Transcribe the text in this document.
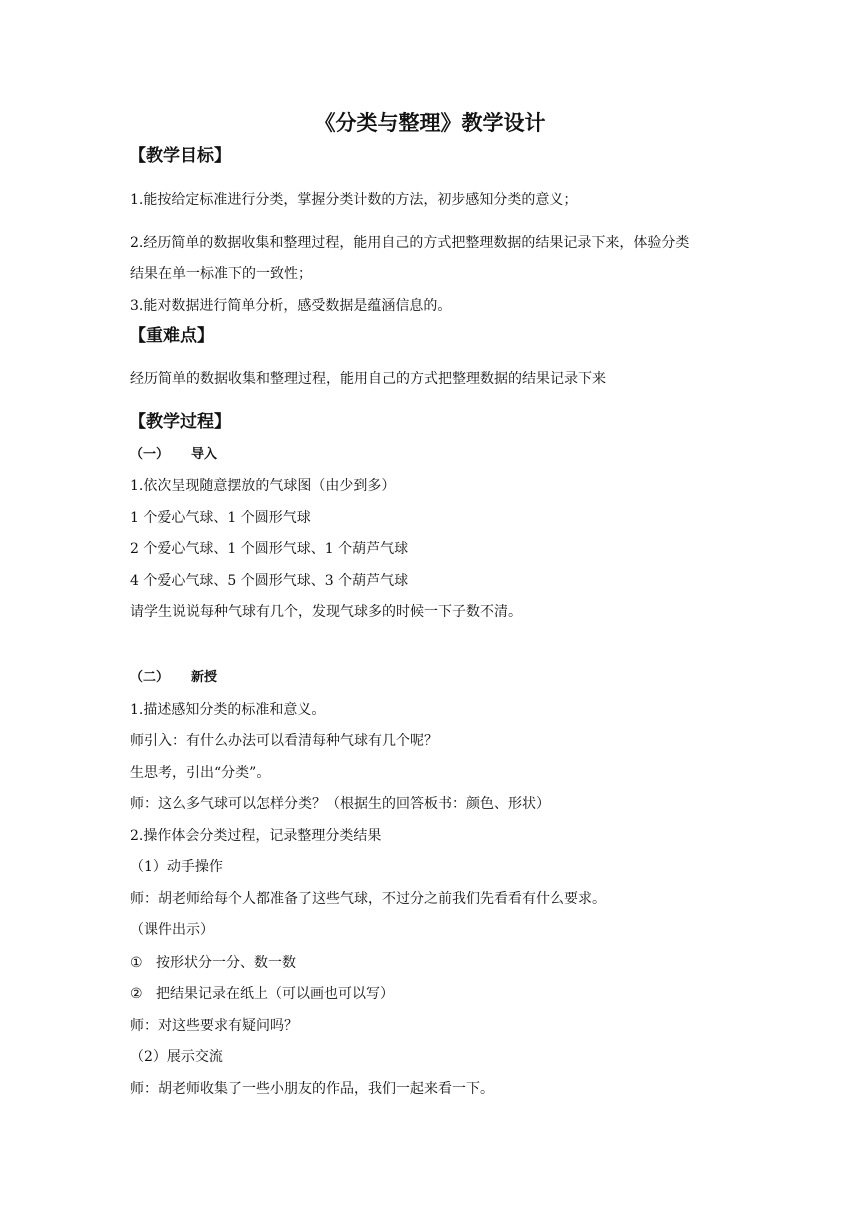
《分类与整理》教学设计
【教学目标】
1.能按给定标准进行分类，掌握分类计数的方法，初步感知分类的意义；
2.经历简单的数据收集和整理过程，能用自己的方式把整理数据的结果记录下来，体验分类
结果在单一标准下的一致性；
3.能对数据进行简单分析，感受数据是蕴涵信息的。
【重难点】
经历简单的数据收集和整理过程，能用自己的方式把整理数据的结果记录下来
【教学过程】
（一） 导入
1.依次呈现随意摆放的气球图（由少到多）
1 个爱心气球、1 个圆形气球
2 个爱心气球、1 个圆形气球、1 个葫芦气球
4 个爱心气球、5 个圆形气球、3 个葫芦气球
请学生说说每种气球有几个，发现气球多的时候一下子数不清。
（二） 新授
1.描述感知分类的标准和意义。
师引入：有什么办法可以看清每种气球有几个呢？
生思考，引出“分类”。
师：这么多气球可以怎样分类？（根据生的回答板书：颜色、形状）
2.操作体会分类过程，记录整理分类结果
（1）动手操作
师：胡老师给每个人都准备了这些气球，不过分之前我们先看看有什么要求。
（课件出示）
① 按形状分一分、数一数
② 把结果记录在纸上（可以画也可以写）
师：对这些要求有疑问吗？
（2）展示交流
师：胡老师收集了一些小朋友的作品，我们一起来看一下。
